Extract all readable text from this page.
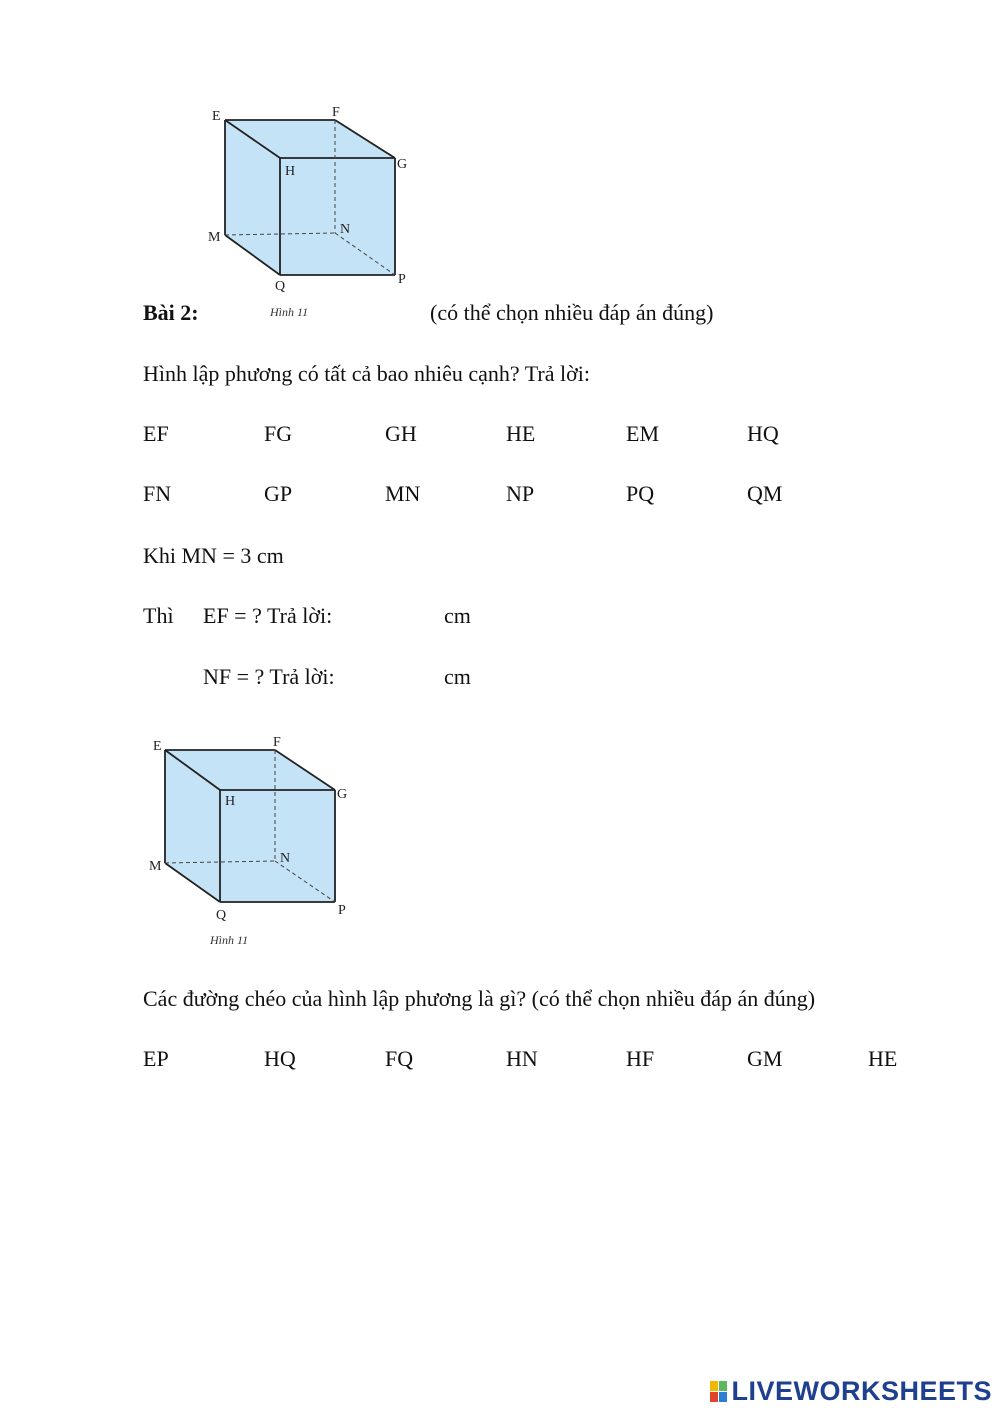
E	F
G
H
M
N
P
Q
Hình 11
Bài 2:	(có thể chọn nhiều đáp án đúng)
Hình lập phương có tất cả bao nhiêu cạnh? Trả lời:
EF	FG	GH	HE	EM	HQ
FN	GP	MN	NP	PQ	QM
Khi MN = 3 cm
Thì EF = ? Trả lời:	cm
NF = ? Trả lời:	cm
E	F
G
H
M
N
P
Q
Hình 11
Các đường chéo của hình lập phương là gì? (có thể chọn nhiều đáp án đúng)
EP	HQ	FQ	HN	HF	GM	HE
LIVEWORKSHEETS
